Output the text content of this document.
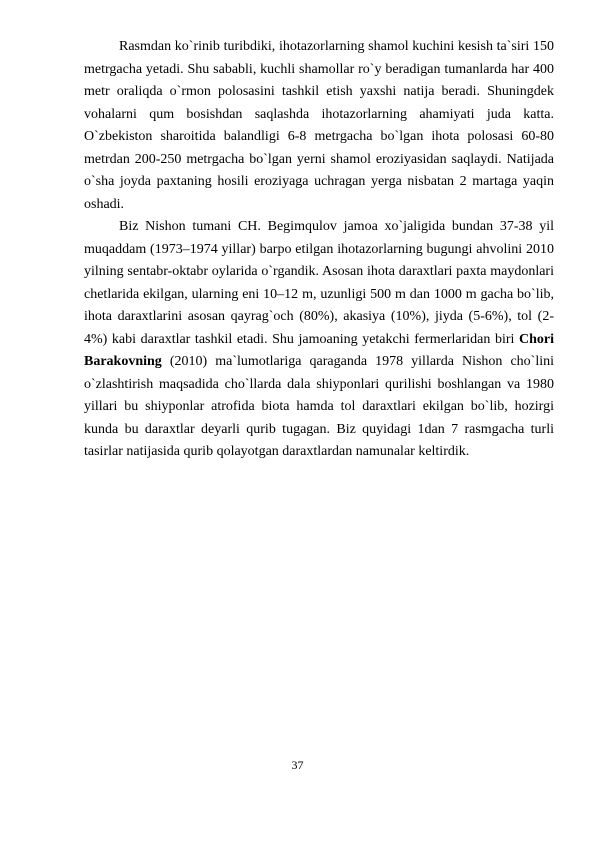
Rasmdan ko`rinib turibdiki, ihotazorlarning shamol kuchini kesish ta`siri 150 metrgacha yetadi. Shu sababli, kuchli shamollar ro`y beradigan tumanlarda har 400 metr oraliqda o`rmon polosasini tashkil etish yaxshi natija beradi. Shuningdek vohalarni qum bosishdan saqlashda ihotazorlarning ahamiyati juda katta. O`zbekiston sharoitida balandligi 6-8 metrgacha bo`lgan ihota polosasi 60-80 metrdan 200-250 metrgacha bo`lgan yerni shamol eroziyasidan saqlaydi. Natijada o`sha joyda paxtaning hosili eroziyaga uchragan yerga nisbatan 2 martaga yaqin oshadi.

Biz Nishon tumani CH. Begimqulov jamoa xo`jaligida bundan 37-38 yil muqaddam (1973–1974 yillar) barpo etilgan ihotazorlarning bugungi ahvolini 2010 yilning sentabr-oktabr oylarida o`rgandik. Asosan ihota daraxtlari paxta maydonlari chetlarida ekilgan, ularning eni 10–12 m, uzunligi 500 m dan 1000 m gacha bo`lib, ihota daraxtlarini asosan qayrag`och (80%), akasiya (10%), jiyda (5-6%), tol (2-4%) kabi daraxtlar tashkil etadi. Shu jamoaning yetakchi fermerlaridan biri Chori Barakovning (2010) ma`lumotlariga qaraganda 1978 yillarda Nishon cho`lini o`zlashtirish maqsadida cho`llarda dala shiyponlari qurilishi boshlangan va 1980 yillari bu shiyponlar atrofida biota hamda tol daraxtlari ekilgan bo`lib, hozirgi kunda bu daraxtlar deyarli qurib tugagan. Biz quyidagi 1dan 7 rasmgacha turli tasirlar natijasida qurib qolayotgan daraxtlardan namunalar keltirdik.

37
